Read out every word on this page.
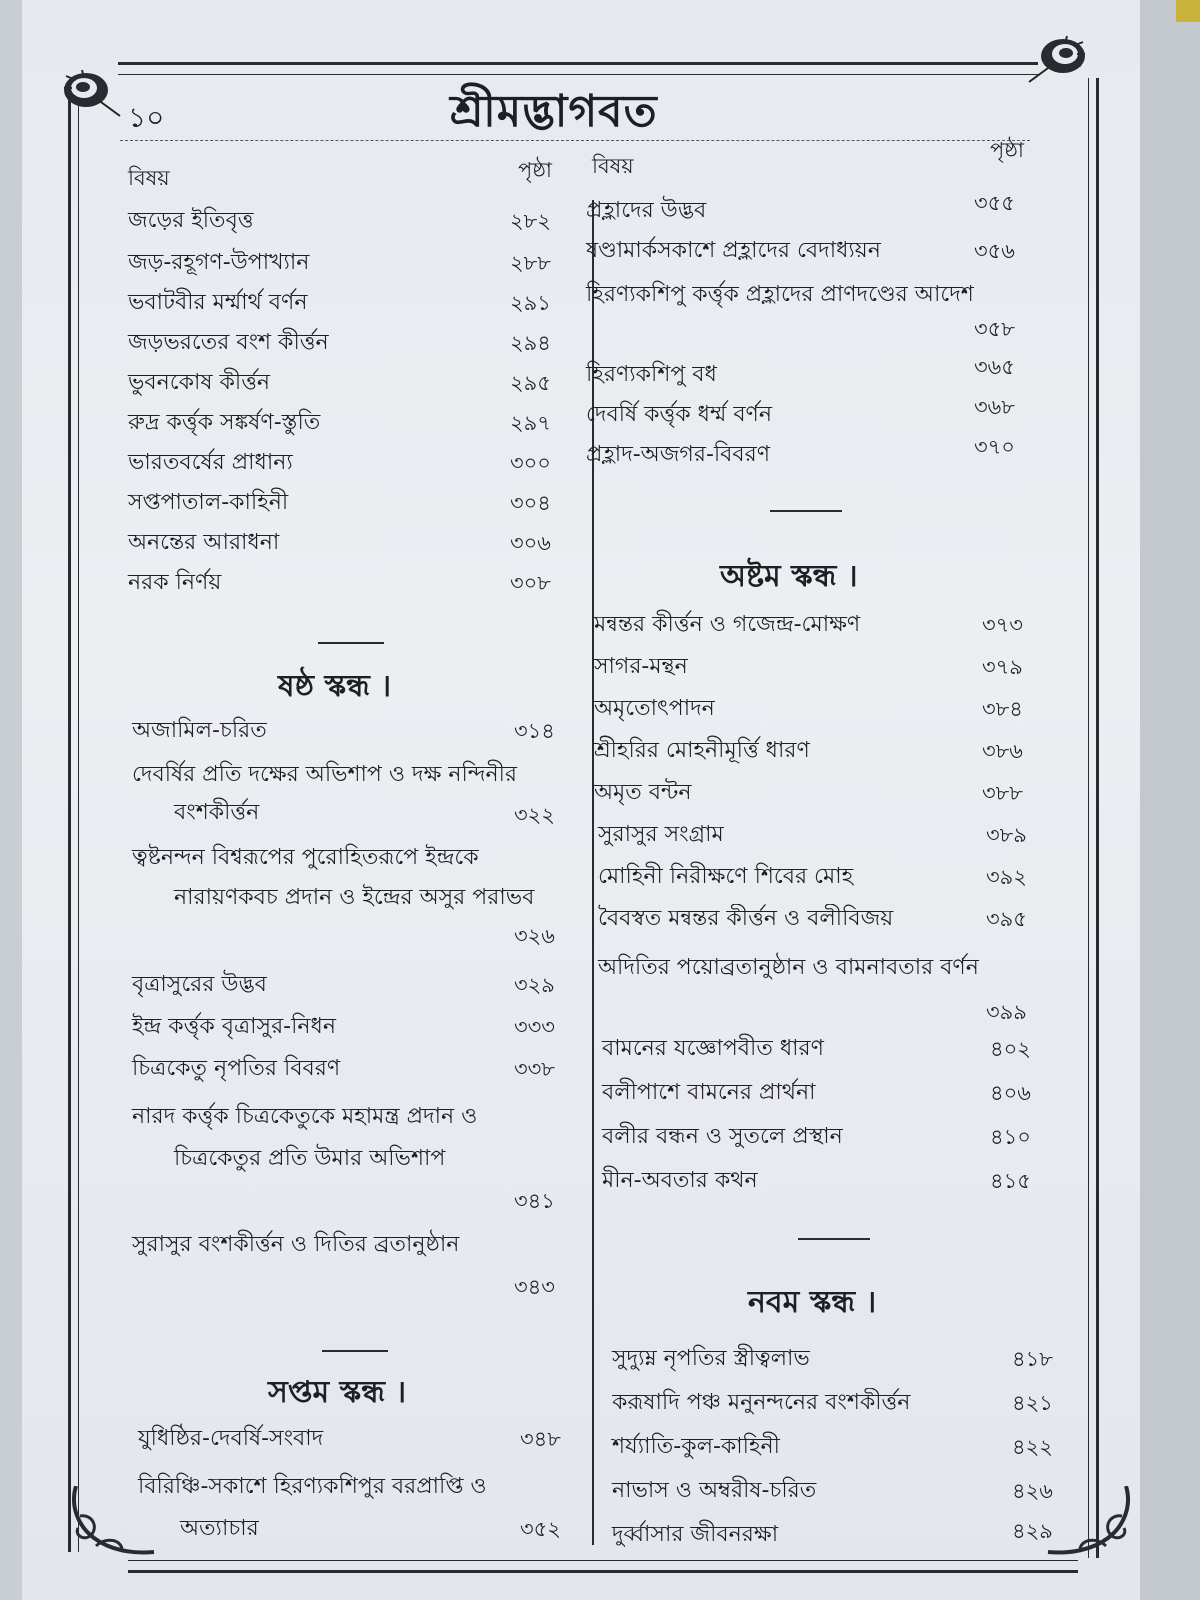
১০	শ্রীমদ্ভাগবত
বিষয়	পৃষ্ঠা বিষয়
পৃষ্ঠা
জড়ের ইতিবৃত্ত	২৮২
জড়-রহূগণ-উপাখ্যান	২৮৮
ভবাটবীর মর্ম্মার্থ বর্ণন	২৯১
জড়ভরতের বংশ কীর্ত্তন	২৯৪
ভুবনকোষ কীর্ত্তন	২৯৫
রুদ্র কর্ত্তৃক সঙ্কর্ষণ-স্তুতি	২৯৭
ভারতবর্ষের প্রাধান্য	৩০০
সপ্তপাতাল-কাহিনী	৩০৪
অনন্তের আরাধনা	৩০৬
নরক নির্ণয়	৩০৮
ষষ্ঠ স্কন্ধ ।
অজামিল-চরিত	৩১৪
দেবর্ষির প্রতি দক্ষের অভিশাপ ও দক্ষ নন্দিনীর বংশকীর্ত্তন	৩২২
ত্বষ্টনন্দন বিশ্বরূপের পুরোহিতরূপে ইন্দ্রকে নারায়ণকবচ প্রদান ও ইন্দ্রের অসুর পরাভব
৩২৬
বৃত্রাসুরের উদ্ভব	৩২৯
ইন্দ্র কর্ত্তৃক বৃত্রাসুর-নিধন	৩৩৩
চিত্রকেতু নৃপতির বিবরণ	৩৩৮
নারদ কর্ত্তৃক চিত্রকেতুকে মহামন্ত্র প্রদান ও চিত্রকেতুর প্রতি উমার অভিশাপ
৩৪১
সুরাসুর বংশকীর্ত্তন ও দিতির ব্রতানুষ্ঠান
৩৪৩
সপ্তম স্কন্ধ ।
যুধিষ্ঠির-দেবর্ষি-সংবাদ	৩৪৮
বিরিঞ্চি-সকাশে হিরণ্যকশিপুর বরপ্রাপ্তি ও অত্যাচার	৩৫২
প্রহ্লাদের উদ্ভব	৩৫৫
ষণ্ডামার্কসকাশে প্রহ্লাদের বেদাধ্যয়ন	৩৫৬
হিরণ্যকশিপু কর্ত্তৃক প্রহ্লাদের প্রাণদণ্ডের আদেশ
৩৫৮
হিরণ্যকশিপু বধ	৩৬৫
দেবর্ষি কর্ত্তৃক ধর্ম্ম বর্ণন	৩৬৮
প্রহ্লাদ-অজগর-বিবরণ	৩৭০
অষ্টম স্কন্ধ ।
মন্বন্তর কীর্ত্তন ও গজেন্দ্র-মোক্ষণ	৩৭৩
সাগর-মন্থন	৩৭৯
অমৃতোৎপাদন	৩৮৪
শ্রীহরির মোহনীমূর্ত্তি ধারণ	৩৮৬
অমৃত বন্টন	৩৮৮
সুরাসুর সংগ্রাম	৩৮৯
মোহিনী নিরীক্ষণে শিবের মোহ	৩৯২
বৈবস্বত মন্বন্তর কীর্ত্তন ও বলীবিজয়	৩৯৫
অদিতির পয়োব্রতানুষ্ঠান ও বামনাবতার বর্ণন
৩৯৯
বামনের যজ্ঞোপবীত ধারণ	৪০২
বলীপাশে বামনের প্রার্থনা	৪০৬
বলীর বন্ধন ও সুতলে প্রস্থান	৪১০
মীন-অবতার কথন	৪১৫
নবম স্কন্ধ ।
সুদ্যুম্ন নৃপতির স্ত্রীত্বলাভ	৪১৮
করূষাদি পঞ্চ মনুনন্দনের বংশকীর্ত্তন	৪২১
শর্য্যাতি-কুল-কাহিনী	৪২২
নাভাস ও অম্বরীষ-চরিত	৪২৬
দুর্ব্বাসার জীবনরক্ষা	৪২৯
